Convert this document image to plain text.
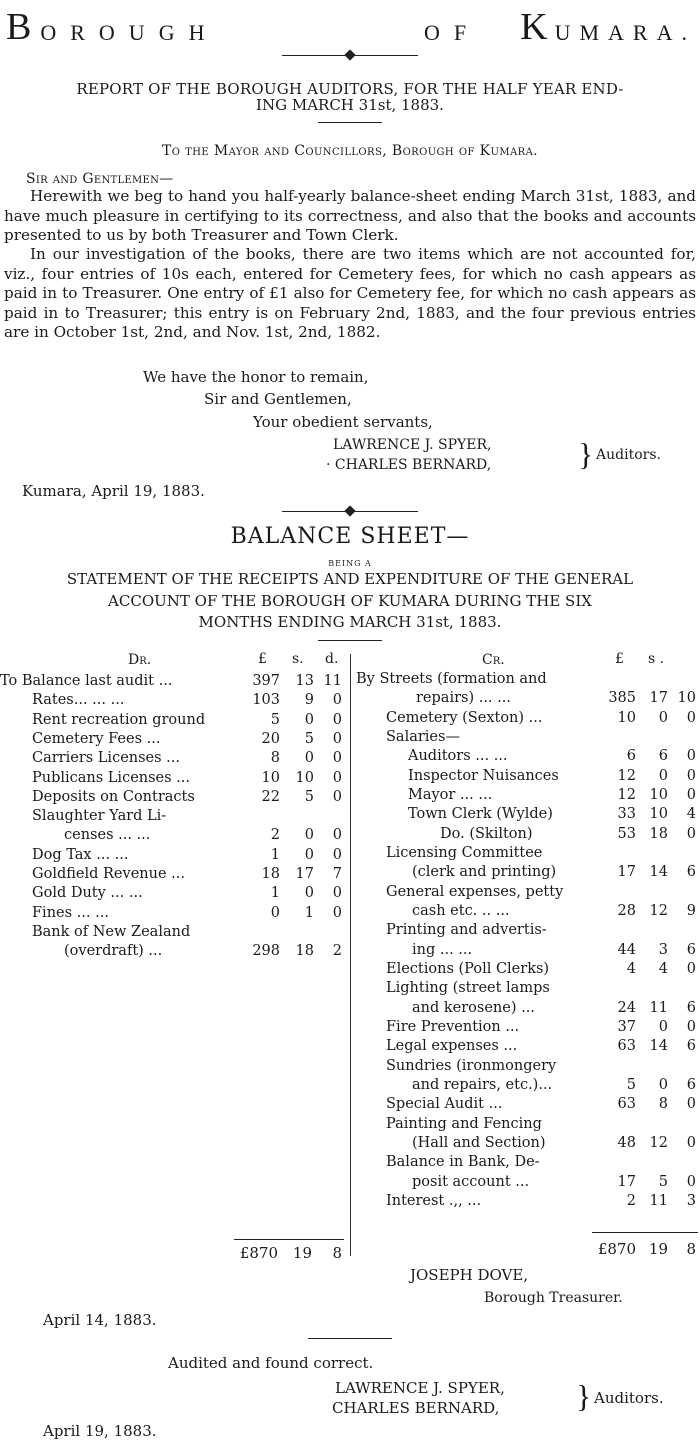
B OROUGH	OF K UMARA.
REPORT OF THE BOROUGH AUDITORS, FOR THE HALF YEAR END-
ING MARCH 31st, 1883.
To the Mayor and Councillors, Borough of Kumara.
Sir and Gentlemen—
Herewith we beg to hand you half-yearly balance-sheet ending March 31st, 1883, and have much pleasure in certifying to its correctness, and also that the books and accounts presented to us by both Treasurer and Town Clerk.
In our investigation of the books, there are two items which are not accounted for, viz., four entries of 10s each, entered for Cemetery fees, for which no cash appears as paid in to Treasurer. One entry of £1 also for Cemetery fee, for which no cash appears as paid in to Treasurer; this entry is on February 2nd, 1883, and the four previous entries are in October 1st, 2nd, and Nov. 1st, 2nd, 1882.
We have the honor to remain,
Sir and Gentlemen,
Your obedient servants,
LAWRENCE J. SPYER,
· CHARLES BERNARD,	} Auditors.
Kumara, April 19, 1883.
BALANCE SHEET—
BEING A
STATEMENT OF THE RECEIPTS AND EXPENDITURE OF THE GENERAL
ACCOUNT OF THE BOROUGH OF KUMARA DURING THE SIX
MONTHS ENDING MARCH 31st, 1883.
Dr.	£ s. d.	Cr.	£ s .
To Balance last audit ...	397	13 11
Rates... ... ...	103	9	0
Rent recreation ground	5	0	0
Cemetery Fees ...	20	5	0
Carriers Licenses ...	8	0	0
Publicans Licenses ...	10	10	0
Deposits on Contracts	22	5	0
Slaughter Yard Li-
censes ... ...	2	0	0
Dog Tax ... ...	1	0	0
Goldfield Revenue ...	18	17	7
Gold Duty ... ...	1	0	0
Fines ... ...	0	1	0
Bank of New Zealand
(overdraft) ...	298	18	2
By Streets (formation and
repairs) ... ...	385 17 10
Cemetery (Sexton) ...	10	0	0
Salaries—
Auditors ... ...	6	6	0
Inspector Nuisances	12	0	0
Mayor ... ...	12 10	0
Town Clerk (Wylde)	33 10	4
Do. (Skilton)	53 18	0
Licensing Committee
(clerk and printing)	17 14	6
General expenses, petty
cash etc. .. ...	28 12	9
Printing and advertis-
ing ... ...	44	3	6
Elections (Poll Clerks)	4	4	0
Lighting (street lamps
and kerosene) ...	24 11	6
Fire Prevention ...	37	0	0
Legal expenses ...	63 14	6
Sundries (ironmongery
and repairs, etc.)...	5	0	6
Special Audit ...	63	8	0
Painting and Fencing
(Hall and Section)	48 12	0
Balance in Bank, De-
posit account ...	17	5	0
Interest .,, ...	2 11	3
£870 19	8	£870 19	8
JOSEPH DOVE,
Borough Treasurer.
April 14, 1883.
Audited and found correct.
LAWRENCE J. SPYER,
CHARLES BERNARD, } Auditors.
April 19, 1883.
